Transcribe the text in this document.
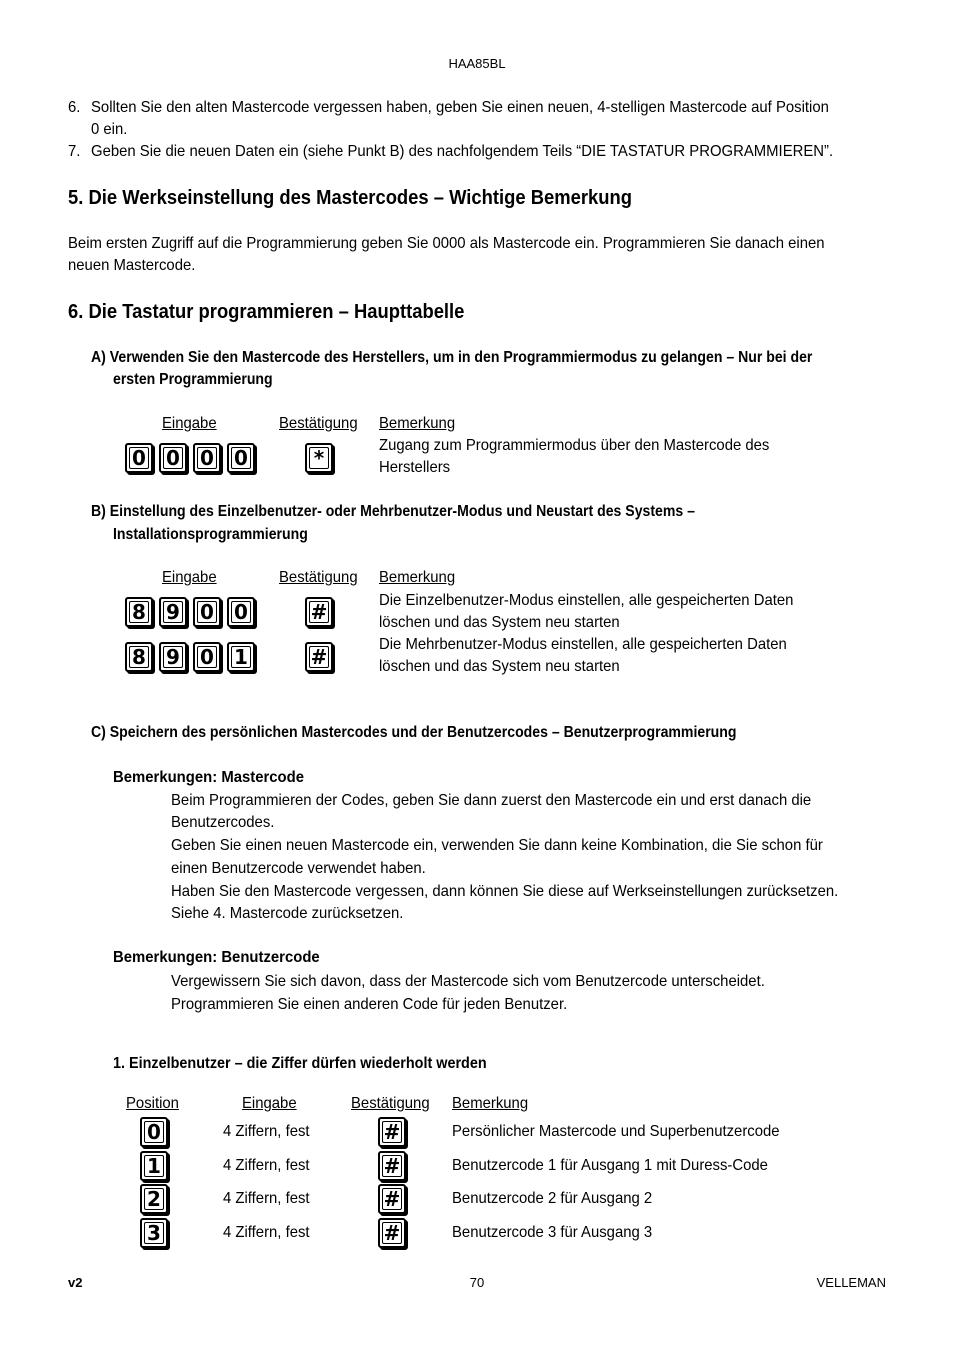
HAA85BL
6. Sollten Sie den alten Mastercode vergessen haben, geben Sie einen neuen, 4-stelligen Mastercode auf Position
0 ein.
7. Geben Sie die neuen Daten ein (siehe Punkt B) des nachfolgendem Teils “DIE TASTATUR PROGRAMMIEREN”.
5. Die Werkseinstellung des Mastercodes – Wichtige Bemerkung
Beim ersten Zugriff auf die Programmierung geben Sie 0000 als Mastercode ein. Programmieren Sie danach einen
neuen Mastercode.
6. Die Tastatur programmieren – Haupttabelle
A) Verwenden Sie den Mastercode des Herstellers, um in den Programmiermodus zu gelangen – Nur bei der
ersten Programmierung
Eingabe	Bestätigung Bemerkung
0 0 0 0	*
Zugang zum Programmiermodus über den Mastercode des
Herstellers
B) Einstellung des Einzelbenutzer- oder Mehrbenutzer-Modus und Neustart des Systems –
Installationsprogrammierung
Eingabe	Bestätigung Bemerkung
8 9 0 0	#	Die Einzelbenutzer-Modus einstellen, alle gespeicherten Daten
löschen und das System neu starten
8 9 0 1	#
Die Mehrbenutzer-Modus einstellen, alle gespeicherten Daten
löschen und das System neu starten
C) Speichern des persönlichen Mastercodes und der Benutzercodes – Benutzerprogrammierung
Bemerkungen: Mastercode
Beim Programmieren der Codes, geben Sie dann zuerst den Mastercode ein und erst danach die
Benutzercodes.
Geben Sie einen neuen Mastercode ein, verwenden Sie dann keine Kombination, die Sie schon für
einen Benutzercode verwendet haben.
Haben Sie den Mastercode vergessen, dann können Sie diese auf Werkseinstellungen zurücksetzen.
Siehe 4. Mastercode zurücksetzen.
Bemerkungen: Benutzercode
Vergewissern Sie sich davon, dass der Mastercode sich vom Benutzercode unterscheidet.
Programmieren Sie einen anderen Code für jeden Benutzer.
1. Einzelbenutzer – die Ziffer dürfen wiederholt werden
Position	Eingabe	Bestätigung Bemerkung
0	4 Ziffern, fest	#	Persönlicher Mastercode und Superbenutzercode
1	4 Ziffern, fest	#	Benutzercode 1 für Ausgang 1 mit Duress-Code
2	4 Ziffern, fest	#	Benutzercode 2 für Ausgang 2
3	4 Ziffern, fest	#	Benutzercode 3 für Ausgang 3
v2	70	VELLEMAN
